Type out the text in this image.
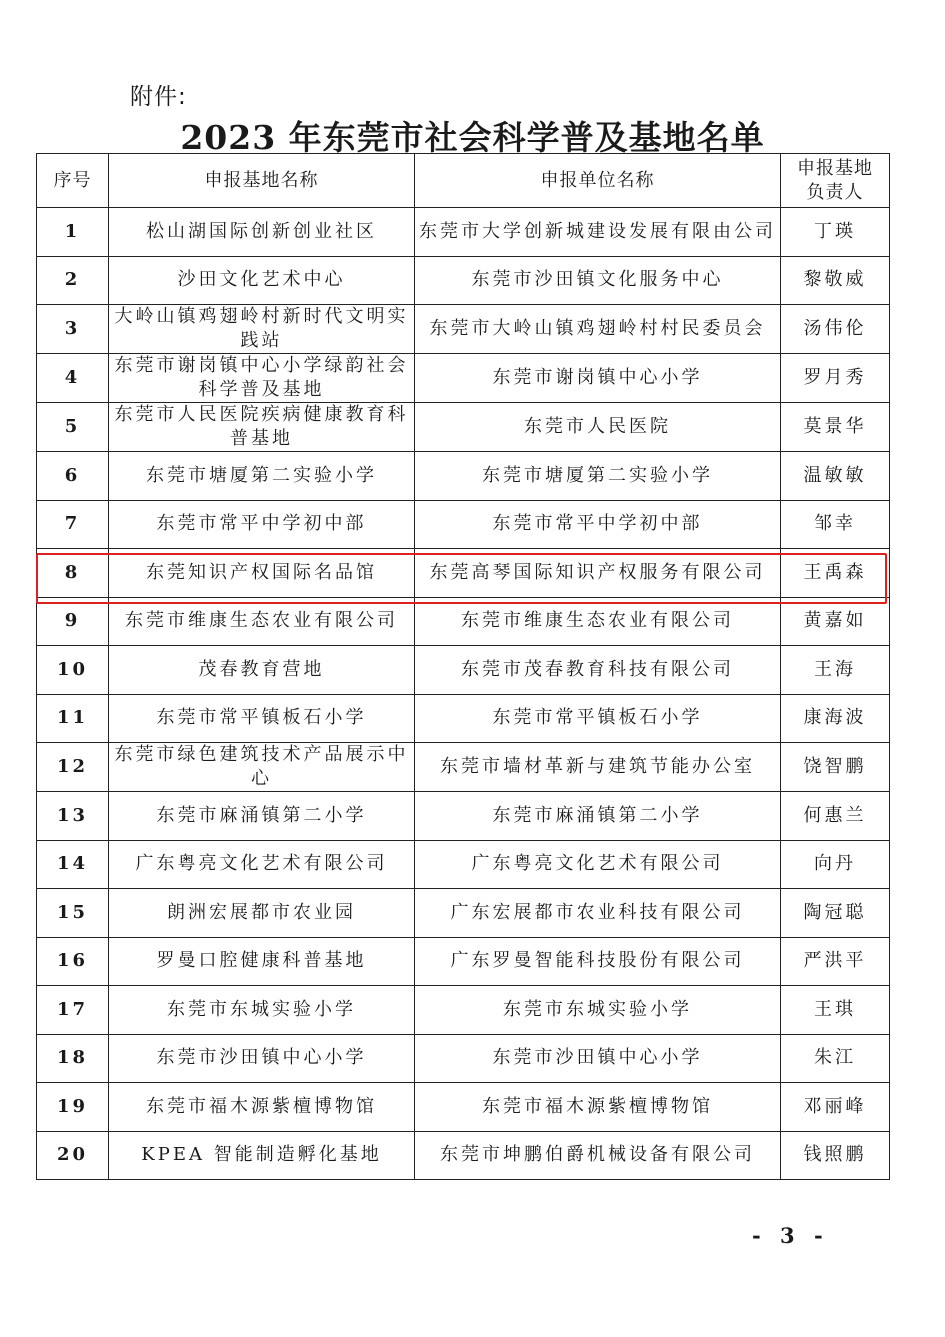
附件:
2023 年东莞市社会科学普及基地名单
序号	申报基地名称	申报单位名称	申报基地负责人
1	松山湖国际创新创业社区	东莞市大学创新城建设发展有限由公司	丁瑛
2	沙田文化艺术中心	东莞市沙田镇文化服务中心	黎敬威
3	大岭山镇鸡翅岭村新时代文明实践站	东莞市大岭山镇鸡翅岭村村民委员会	汤伟伦
4	东莞市谢岗镇中心小学绿韵社会科学普及基地	东莞市谢岗镇中心小学	罗月秀
5	东莞市人民医院疾病健康教育科普基地	东莞市人民医院	莫景华
6	东莞市塘厦第二实验小学	东莞市塘厦第二实验小学	温敏敏
7	东莞市常平中学初中部	东莞市常平中学初中部	邹幸
8	东莞知识产权国际名品馆	东莞高琴国际知识产权服务有限公司	王禹森
9	东莞市维康生态农业有限公司	东莞市维康生态农业有限公司	黄嘉如
10	茂春教育营地	东莞市茂春教育科技有限公司	王海
11	东莞市常平镇板石小学	东莞市常平镇板石小学	康海波
12	东莞市绿色建筑技术产品展示中心	东莞市墙材革新与建筑节能办公室	饶智鹏
13	东莞市麻涌镇第二小学	东莞市麻涌镇第二小学	何惠兰
14	广东粤亮文化艺术有限公司	广东粤亮文化艺术有限公司	向丹
15	朗洲宏展都市农业园	广东宏展都市农业科技有限公司	陶冠聪
16	罗曼口腔健康科普基地	广东罗曼智能科技股份有限公司	严洪平
17	东莞市东城实验小学	东莞市东城实验小学	王琪
18	东莞市沙田镇中心小学	东莞市沙田镇中心小学	朱江
19	东莞市福木源紫檀博物馆	东莞市福木源紫檀博物馆	邓丽峰
20	KPEA 智能制造孵化基地	东莞市坤鹏伯爵机械设备有限公司	钱照鹏
- 3 -
